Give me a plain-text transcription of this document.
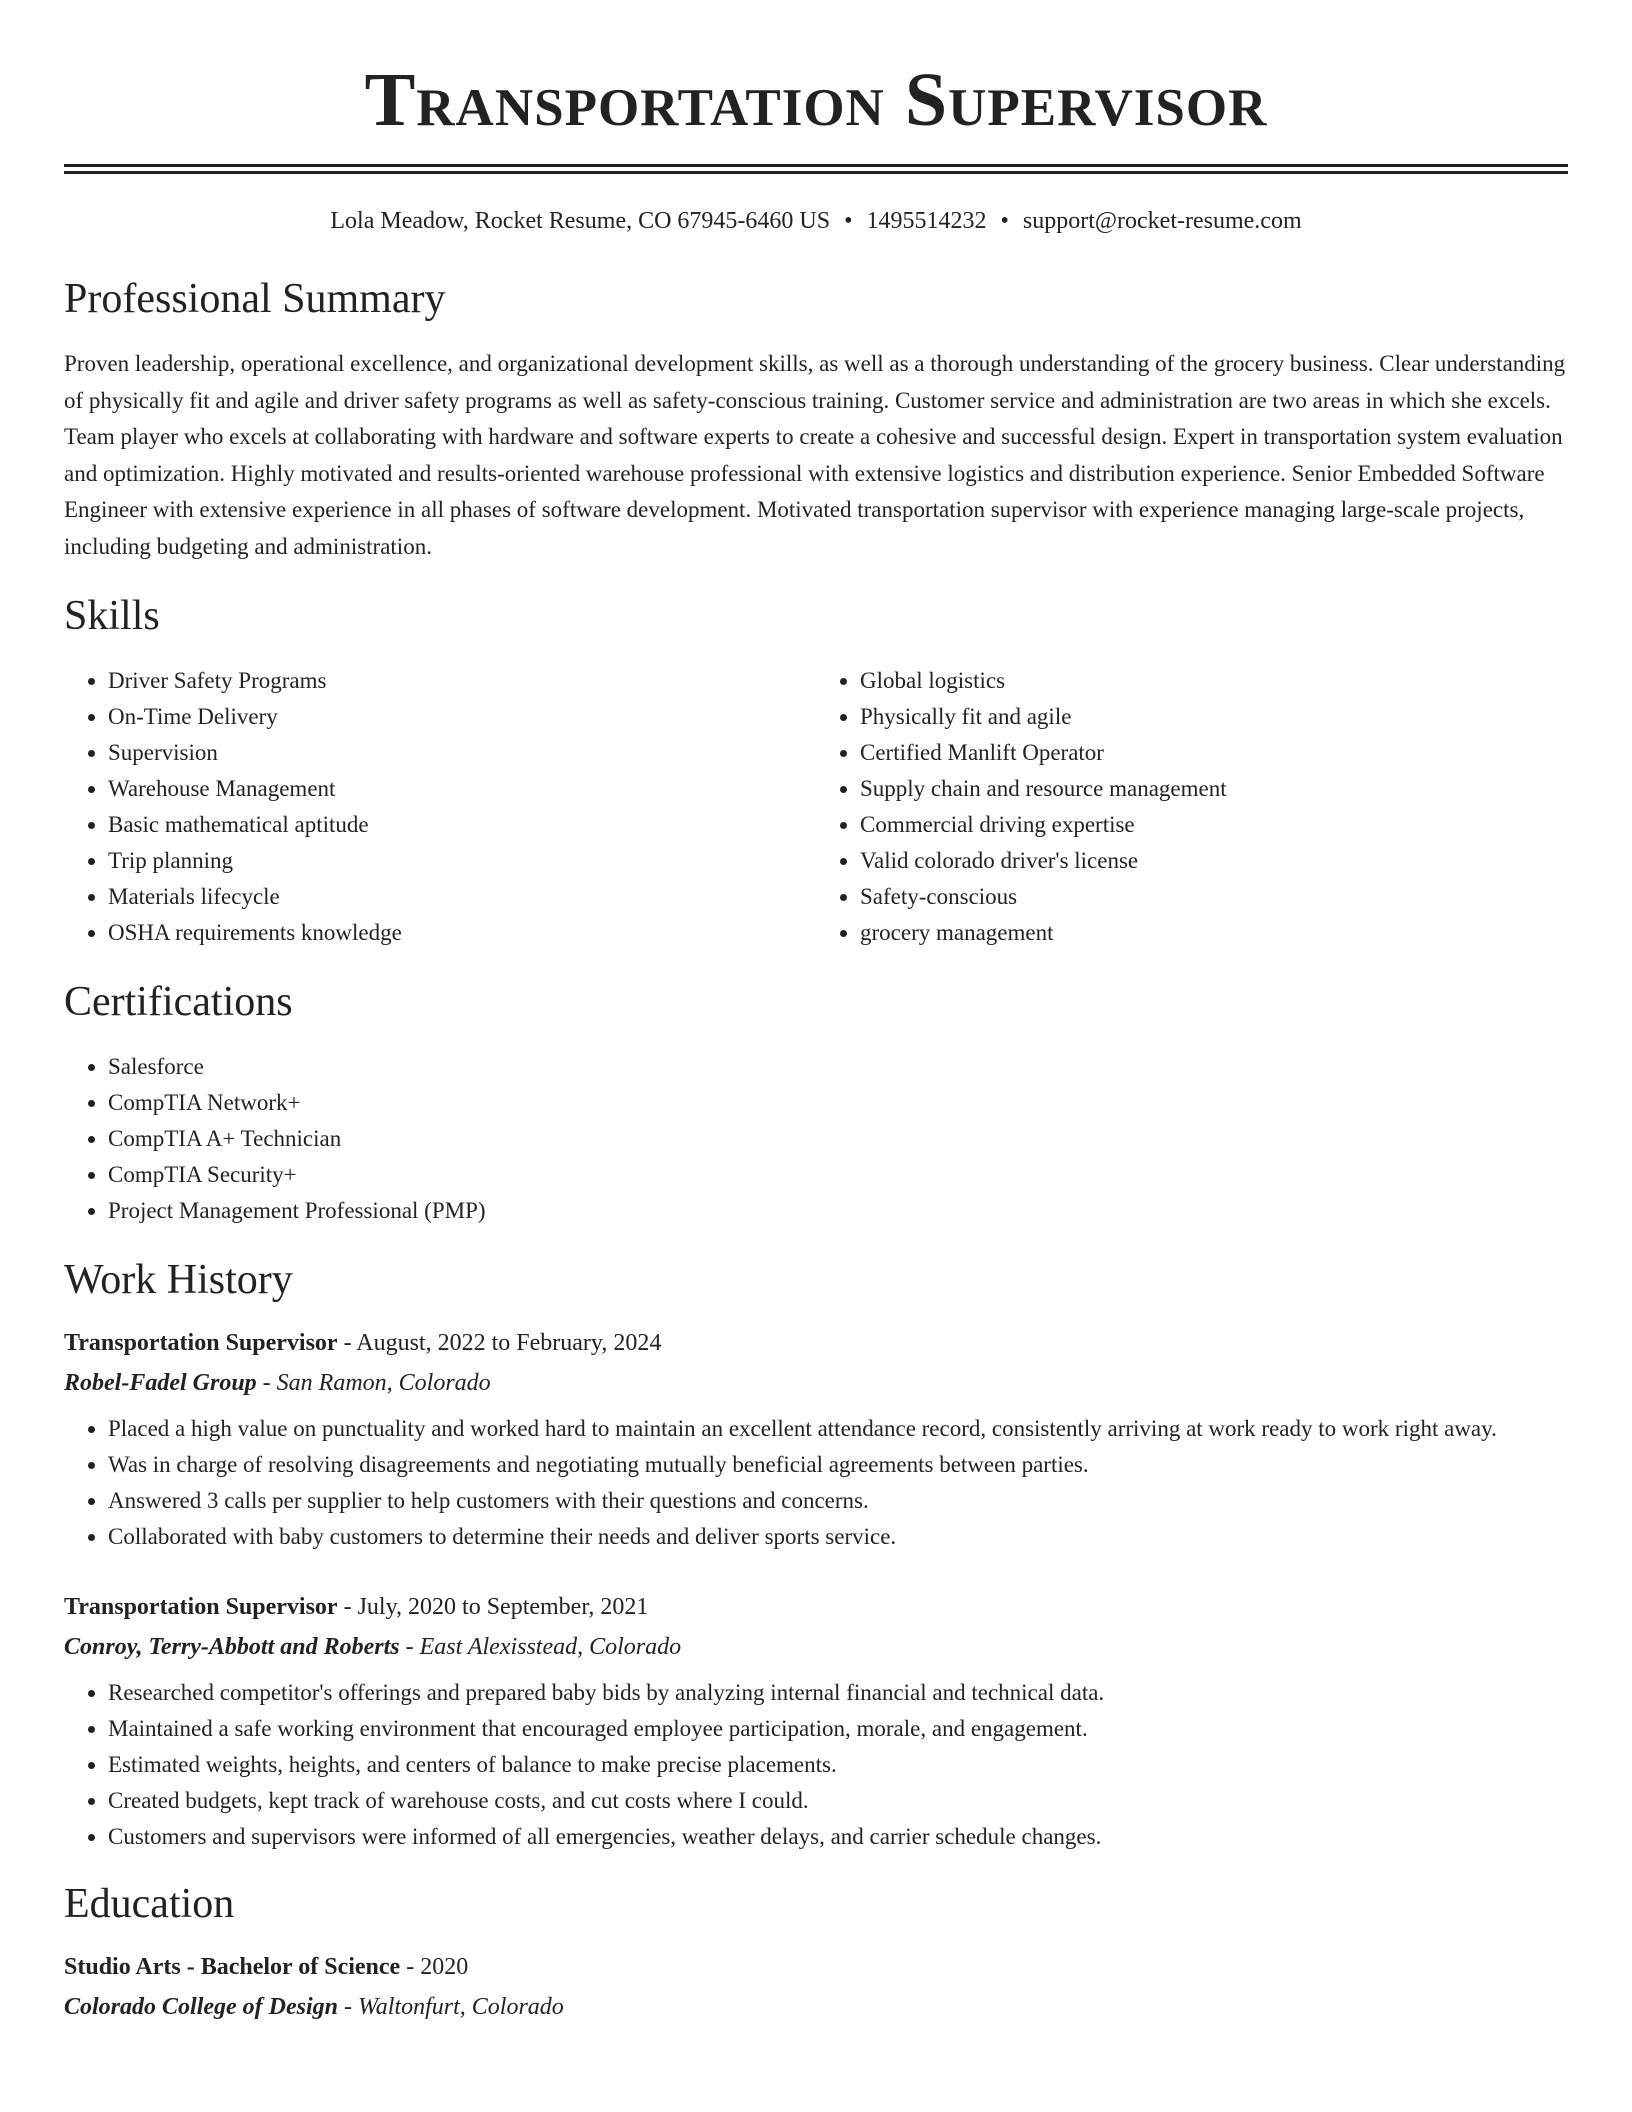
Transportation Supervisor
Lola Meadow, Rocket Resume, CO 67945-6460 US • 1495514232 • support@rocket-resume.com
Professional Summary

Proven leadership, operational excellence, and organizational development skills, as well as a thorough understanding of the grocery business. Clear understanding of physically fit and agile and driver safety programs as well as safety-conscious training. Customer service and administration are two areas in which she excels. Team player who excels at collaborating with hardware and software experts to create a cohesive and successful design. Expert in transportation system evaluation and optimization. Highly motivated and results-oriented warehouse professional with extensive logistics and distribution experience. Senior Embedded Software Engineer with extensive experience in all phases of software development. Motivated transportation supervisor with experience managing large-scale projects, including budgeting and administration.

Skills
• Driver Safety Programs
• On-Time Delivery
• Supervision
• Warehouse Management
• Basic mathematical aptitude
• Trip planning
• Materials lifecycle
• OSHA requirements knowledge
• Global logistics
• Physically fit and agile
• Certified Manlift Operator
• Supply chain and resource management
• Commercial driving expertise
• Valid colorado driver's license
• Safety-conscious
• grocery management
Certifications
• Salesforce
• CompTIA Network+
• CompTIA A+ Technician
• CompTIA Security+
• Project Management Professional (PMP)
Work History
Transportation Supervisor - August, 2022 to February, 2024
Robel-Fadel Group - San Ramon, Colorado
• Placed a high value on punctuality and worked hard to maintain an excellent attendance record, consistently arriving at work ready to work right away.
• Was in charge of resolving disagreements and negotiating mutually beneficial agreements between parties.
• Answered 3 calls per supplier to help customers with their questions and concerns.
• Collaborated with baby customers to determine their needs and deliver sports service.
Transportation Supervisor - July, 2020 to September, 2021
Conroy, Terry-Abbott and Roberts - East Alexisstead, Colorado
• Researched competitor's offerings and prepared baby bids by analyzing internal financial and technical data.
• Maintained a safe working environment that encouraged employee participation, morale, and engagement.
• Estimated weights, heights, and centers of balance to make precise placements.
• Created budgets, kept track of warehouse costs, and cut costs where I could.
• Customers and supervisors were informed of all emergencies, weather delays, and carrier schedule changes.
Education
Studio Arts - Bachelor of Science - 2020
Colorado College of Design - Waltonfurt, Colorado
